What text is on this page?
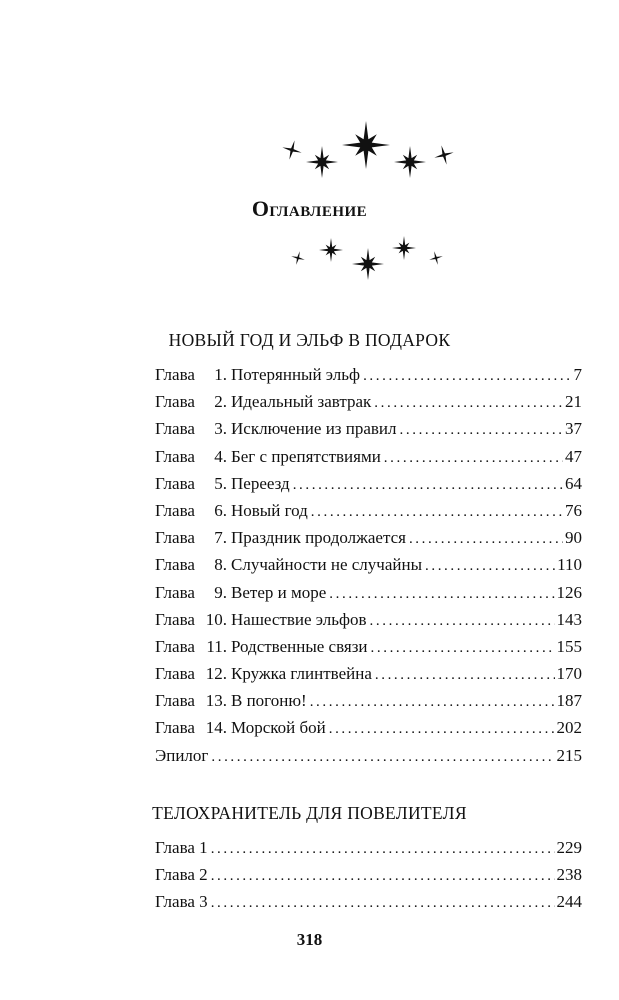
Оглавление
НОВЫЙ ГОД И ЭЛЬФ В ПОДАРОК
Глава 1. Потерянный эльф .....	7
Глава 2. Идеальный завтрак .....	21
Глава 3. Исключение из правил .....	37
Глава 4. Бег с препятствиями .....	47
Глава 5. Переезд .....	64
Глава 6. Новый год .....	76
Глава 7. Праздник продолжается .....	90
Глава 8. Случайности не случайны .....	110
Глава 9. Ветер и море .....	126
Глава 10. Нашествие эльфов .....	143
Глава 11. Родственные связи .....	155
Глава 12. Кружка глинтвейна .....	170
Глава 13. В погоню! .....	187
Глава 14. Морской бой .....	202
Эпилог .....	215
ТЕЛОХРАНИТЕЛЬ ДЛЯ ПОВЕЛИТЕЛЯ
Глава 1 .....	229
Глава 2 .....	238
Глава 3 .....	244
318
